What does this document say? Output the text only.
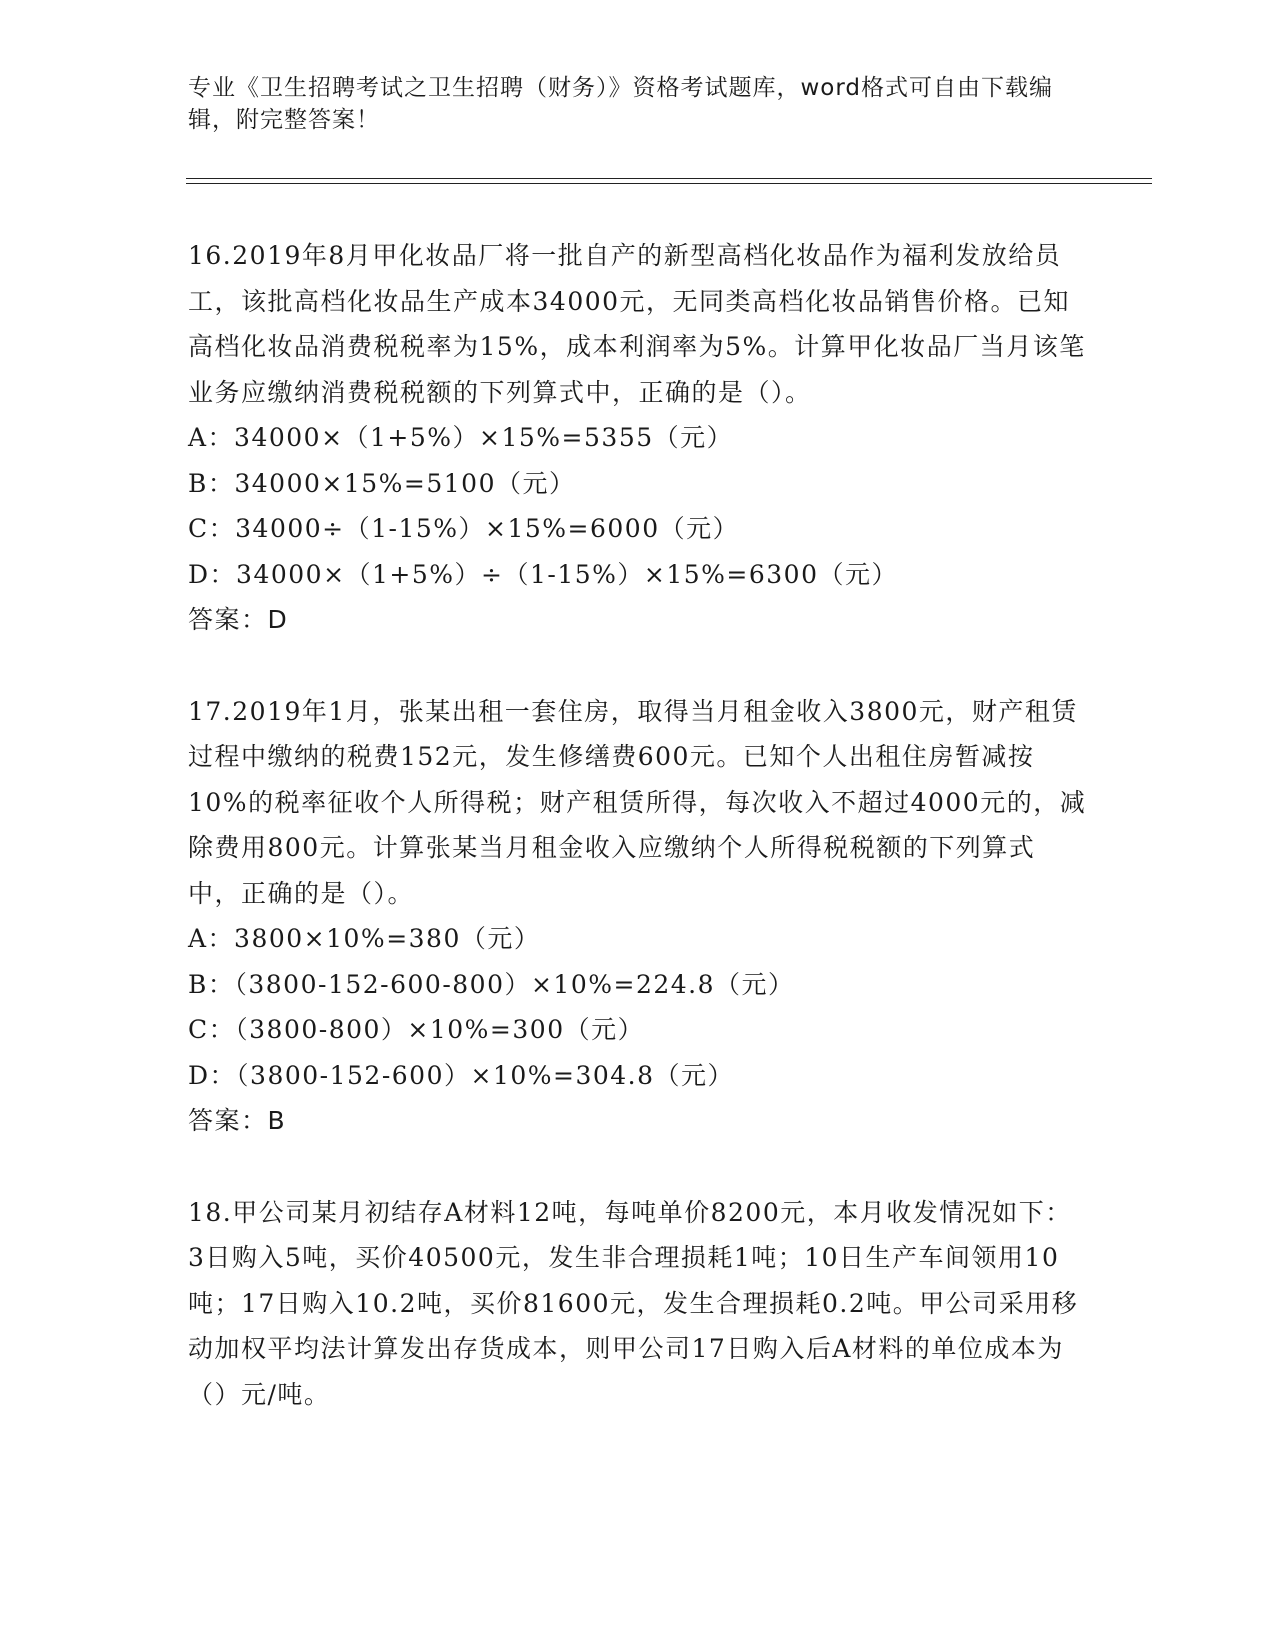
专业《卫生招聘考试之卫生招聘（财务）》资格考试题库，word格式可自由下载编辑，附完整答案！

16.2019年8月甲化妆品厂将一批自产的新型高档化妆品作为福利发放给员工，该批高档化妆品生产成本34000元，无同类高档化妆品销售价格。已知高档化妆品消费税税率为15%，成本利润率为5%。计算甲化妆品厂当月该笔业务应缴纳消费税税额的下列算式中，正确的是（）。

A：34000×（1+5%）×15%=5355（元）

B：34000×15%=5100（元）

C：34000÷（1-15%）×15%=6000（元）

D：34000×（1+5%）÷（1-15%）×15%=6300（元）

答案：D

17.2019年1月，张某出租一套住房，取得当月租金收入3800元，财产租赁过程中缴纳的税费152元，发生修缮费600元。已知个人出租住房暂减按10%的税率征收个人所得税；财产租赁所得，每次收入不超过4000元的，减除费用800元。计算张某当月租金收入应缴纳个人所得税税额的下列算式中，正确的是（）。

A：3800×10%=380（元）

B：（3800-152-600-800）×10%=224.8（元）

C：（3800-800）×10%=300（元）

D：（3800-152-600）×10%=304.8（元）

答案：B

18.甲公司某月初结存A材料12吨，每吨单价8200元，本月收发情况如下：3日购入5吨，买价40500元，发生非合理损耗1吨；10日生产车间领用10吨；17日购入10.2吨，买价81600元，发生合理损耗0.2吨。甲公司采用移动加权平均法计算发出存货成本，则甲公司17日购入后A材料的单位成本为（）元/吨。
